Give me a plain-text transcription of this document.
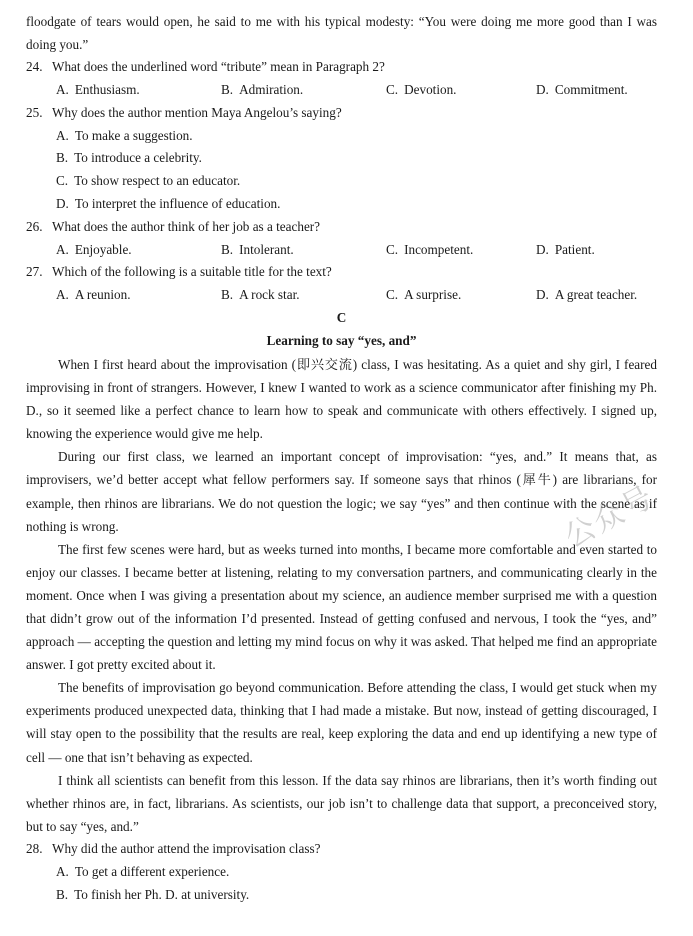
floodgate of tears would open, he said to me with his typical modesty: “You were doing me more good than I was doing you.”

24. What does the underlined word “tribute” mean in Paragraph 2?

A. Enthusiasm.	B. Admiration.	C. Devotion.	D. Commitment.

25. Why does the author mention Maya Angelou’s saying?

A. To make a suggestion.
B. To introduce a celebrity.
C. To show respect to an educator.
D. To interpret the influence of education.

26. What does the author think of her job as a teacher?

A. Enjoyable.	B. Intolerant.	C. Incompetent.	D. Patient.

27. Which of the following is a suitable title for the text?

A. A reunion.	B. A rock star.	C. A surprise.	D. A great teacher.

C

Learning to say “yes, and”

When I first heard about the improvisation (即兴交流) class, I was hesitating. As a quiet and shy girl, I feared improvising in front of strangers. However, I knew I wanted to work as a science communicator after finishing my Ph. D., so it seemed like a perfect chance to learn how to speak and communicate with others effectively. I signed up, knowing the experience would give me help.

During our first class, we learned an important concept of improvisation: “yes, and.” It means that, as improvisers, we’d better accept what fellow performers say. If someone says that rhinos (犀牛) are librarians, for example, then rhinos are librarians. We do not question the logic; we say “yes” and then continue with the scene as if nothing is wrong.

The first few scenes were hard, but as weeks turned into months, I became more comfortable and even started to enjoy our classes. I became better at listening, relating to my conversation partners, and communicating clearly in the moment. Once when I was giving a presentation about my science, an audience member surprised me with a question that didn’t grow out of the information I’d presented. Instead of getting confused and nervous, I took the “yes, and” approach — accepting the question and letting my mind focus on why it was asked. That helped me find an appropriate answer. I got pretty excited about it.

The benefits of improvisation go beyond communication. Before attending the class, I would get stuck when my experiments produced unexpected data, thinking that I had made a mistake. But now, instead of getting discouraged, I will stay open to the possibility that the results are real, keep exploring the data and end up identifying a new type of cell — one that isn’t behaving as expected.

I think all scientists can benefit from this lesson. If the data say rhinos are librarians, then it’s worth finding out whether rhinos are, in fact, librarians. As scientists, our job isn’t to challenge data that support, a preconceived story, but to say “yes, and.”

28. Why did the author attend the improvisation class?

A. To get a different experience.
B. To finish her Ph. D. at university.
公众号
